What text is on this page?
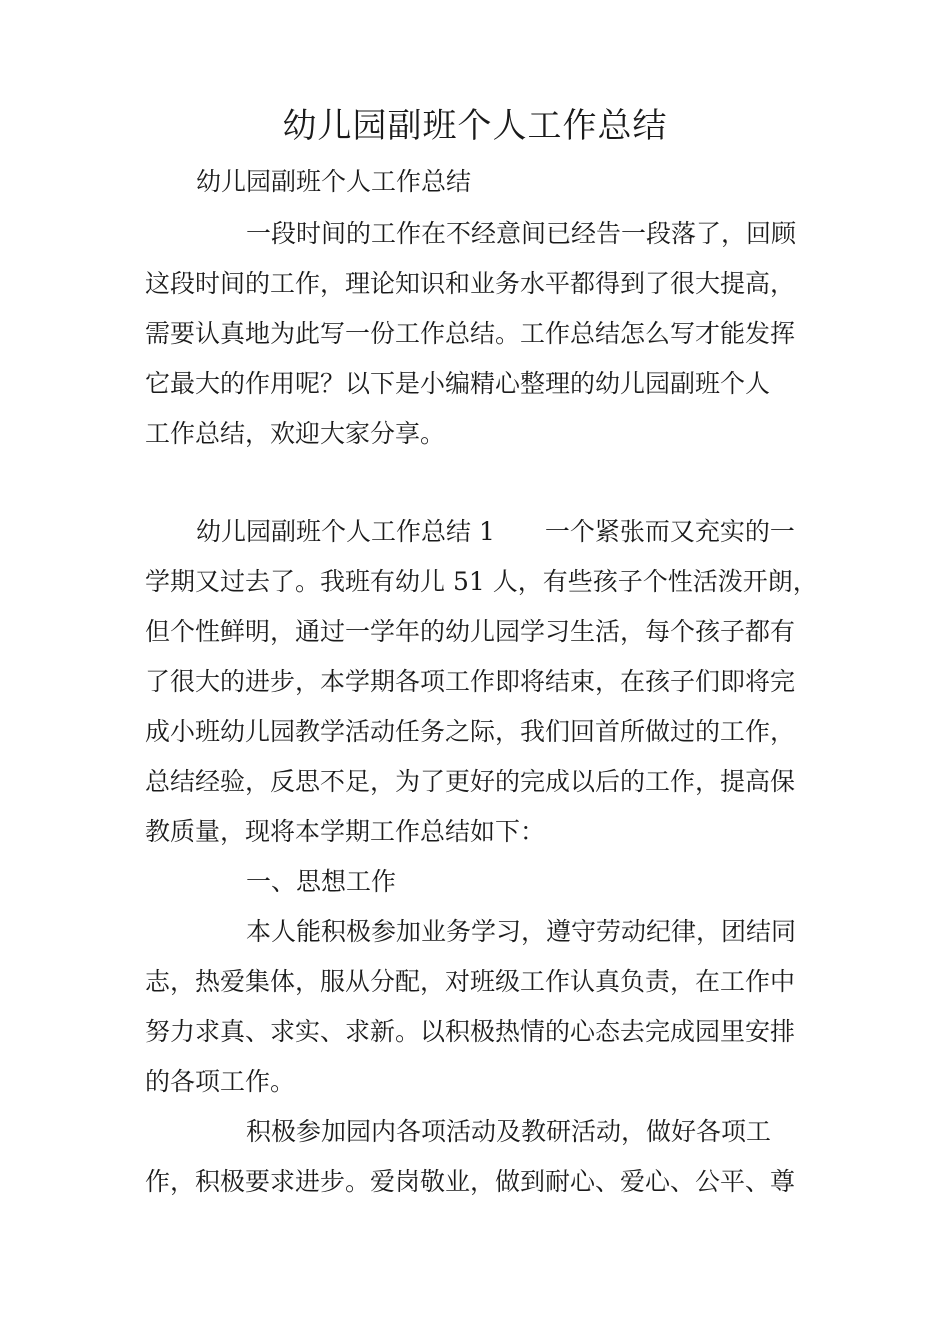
幼儿园副班个人工作总结
幼儿园副班个人工作总结
一段时间的工作在不经意间已经告一段落了，回顾
这段时间的工作，理论知识和业务水平都得到了很大提高，
需要认真地为此写一份工作总结。工作总结怎么写才能发挥
它最大的作用呢？以下是小编精心整理的幼儿园副班个人
工作总结，欢迎大家分享。
幼儿园副班个人工作总结 1　　一个紧张而又充实的一
学期又过去了。我班有幼儿 51 人，有些孩子个性活泼开朗，
但个性鲜明，通过一学年的幼儿园学习生活，每个孩子都有
了很大的进步，本学期各项工作即将结束，在孩子们即将完
成小班幼儿园教学活动任务之际，我们回首所做过的工作，
总结经验，反思不足，为了更好的完成以后的工作，提高保
教质量，现将本学期工作总结如下：
一、思想工作
本人能积极参加业务学习，遵守劳动纪律，团结同
志，热爱集体，服从分配，对班级工作认真负责，在工作中
努力求真、求实、求新。以积极热情的心态去完成园里安排
的各项工作。
积极参加园内各项活动及教研活动，做好各项工
作，积极要求进步。爱岗敬业，做到耐心、爱心、公平、尊
